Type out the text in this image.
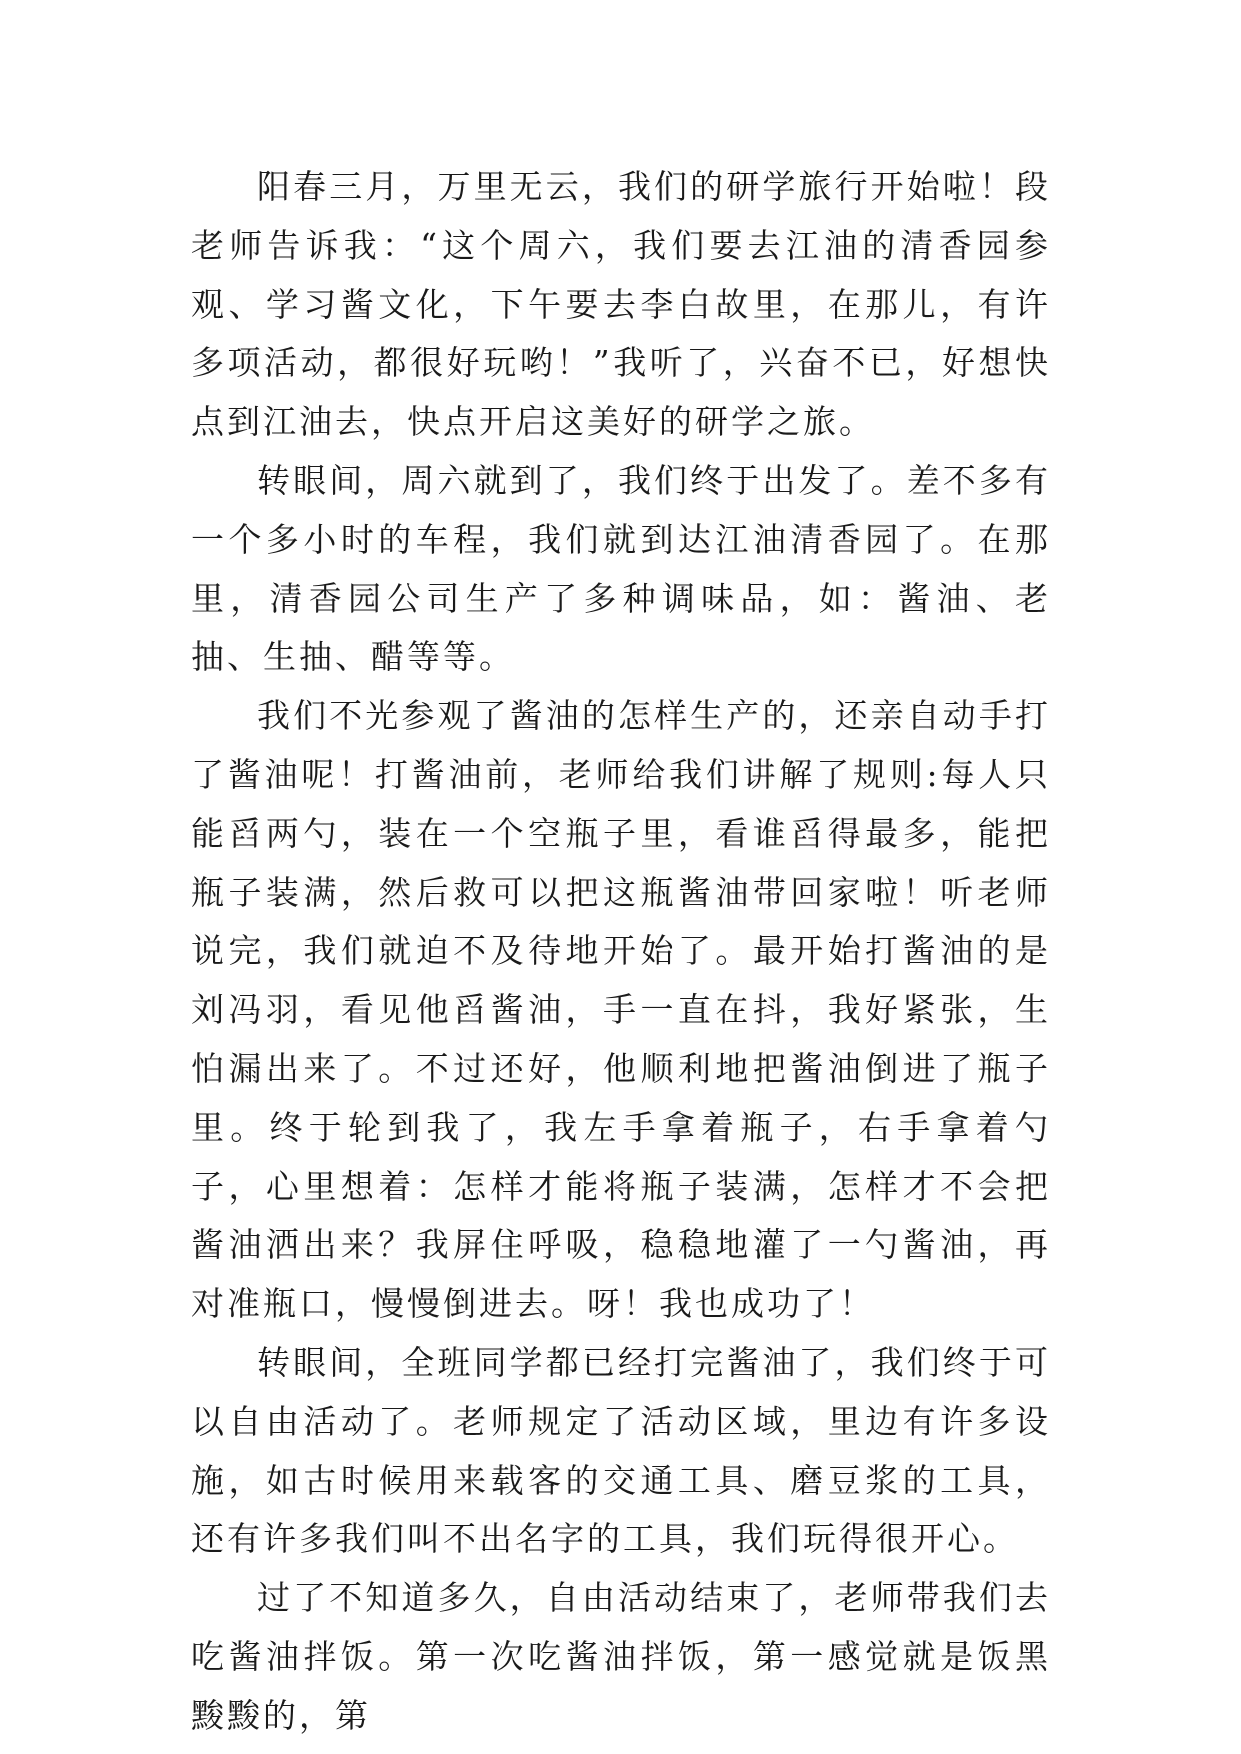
阳春三月，万里无云，我们的研学旅行开始啦！段老师告诉我：“这个周六，我们要去江油的清香园参观、学习酱文化，下午要去李白故里，在那儿，有许多项活动，都很好玩哟！”我听了，兴奋不已，好想快点到江油去，快点开启这美好的研学之旅。

转眼间，周六就到了，我们终于出发了。差不多有一个多小时的车程，我们就到达江油清香园了。在那里，清香园公司生产了多种调味品，如：酱油、老抽、生抽、醋等等。

我们不光参观了酱油的怎样生产的，还亲自动手打了酱油呢！打酱油前，老师给我们讲解了规则:每人只能舀两勺，装在一个空瓶子里，看谁舀得最多，能把瓶子装满，然后救可以把这瓶酱油带回家啦！听老师说完，我们就迫不及待地开始了。最开始打酱油的是刘冯羽，看见他舀酱油，手一直在抖，我好紧张，生怕漏出来了。不过还好，他顺利地把酱油倒进了瓶子里。终于轮到我了，我左手拿着瓶子，右手拿着勺子，心里想着：怎样才能将瓶子装满，怎样才不会把酱油洒出来？我屏住呼吸，稳稳地灌了一勺酱油，再对准瓶口，慢慢倒进去。呀！我也成功了！

转眼间，全班同学都已经打完酱油了，我们终于可以自由活动了。老师规定了活动区域，里边有许多设施，如古时候用来载客的交通工具、磨豆浆的工具，还有许多我们叫不出名字的工具，我们玩得很开心。

过了不知道多久，自由活动结束了，老师带我们去吃酱油拌饭。第一次吃酱油拌饭，第一感觉就是饭黑黢黢的，第
